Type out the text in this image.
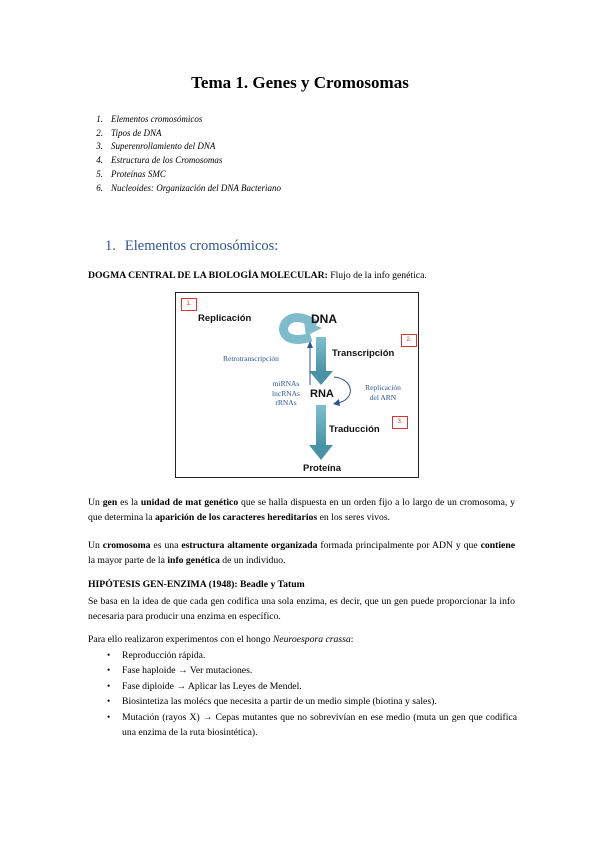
Tema 1. Genes y Cromosomas
1. Elementos cromosómicos
2. Tipos de DNA
3. Superenrollamiento del DNA
4. Estructura de los Cromosomas
5. Proteínas SMC
6. Nucleoides: Organización del DNA Bacteriano
1. Elementos cromosómicos:
DOGMA CENTRAL DE LA BIOLOGÍA MOLECULAR: Flujo de la info genética.
1.
2.
3.
Replicación	DNA
Transcripción
RNA
Traducción
Proteína
Retrotranscripción
miRNAs
lncRNAs
rRNAs
Replicación
del ARN
Un gen es la unidad de mat genético que se halla dispuesta en un orden fijo a lo largo de un cromosoma, y que determina la aparición de los caracteres hereditarios en los seres vivos.
Un cromosoma es una estructura altamente organizada formada principalmente por ADN y que contiene la mayor parte de la info genética de un individuo.
HIPÓTESIS GEN-ENZIMA (1948): Beadle y Tatum
Se basa en la idea de que cada gen codifica una sola enzima, es decir, que un gen puede proporcionar la info necesaria para producir una enzima en específico.
Para ello realizaron experimentos con el hongo Neuroespora crassa:
• Reproducción rápida.
• Fase haploide → Ver mutaciones.
• Fase diploide → Aplicar las Leyes de Mendel.
• Biosintetiza las molécs que necesita a partir de un medio simple (biotina y sales).
• Mutación (rayos X) → Cepas mutantes que no sobrevivían en ese medio (muta un gen que codifica una enzima de la ruta biosintética).
